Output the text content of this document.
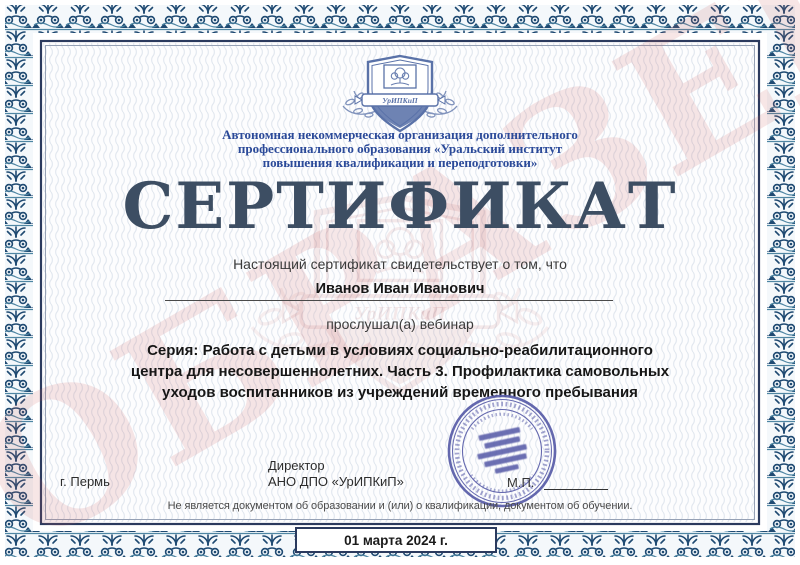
Автономная некоммерческая организация дополнительного
профессионального образования «Уральский институт
повышения квалификации и переподготовки»
СЕРТИФИКАТ
Настоящий сертификат свидетельствует о том, что
Иванов Иван Иванович
прослушал(а) вебинар
Серия: Работа с детьми в условиях социально-реабилитационного
центра для несовершеннолетних. Часть 3. Профилактика самовольных
уходов воспитанников из учреждений временного пребывания
г. Пермь
Директор
АНО ДПО «УрИПКиП»	М.П.
Не является документом об образовании и (или) о квалификации, документом об обучении.
01 марта 2024 г.
